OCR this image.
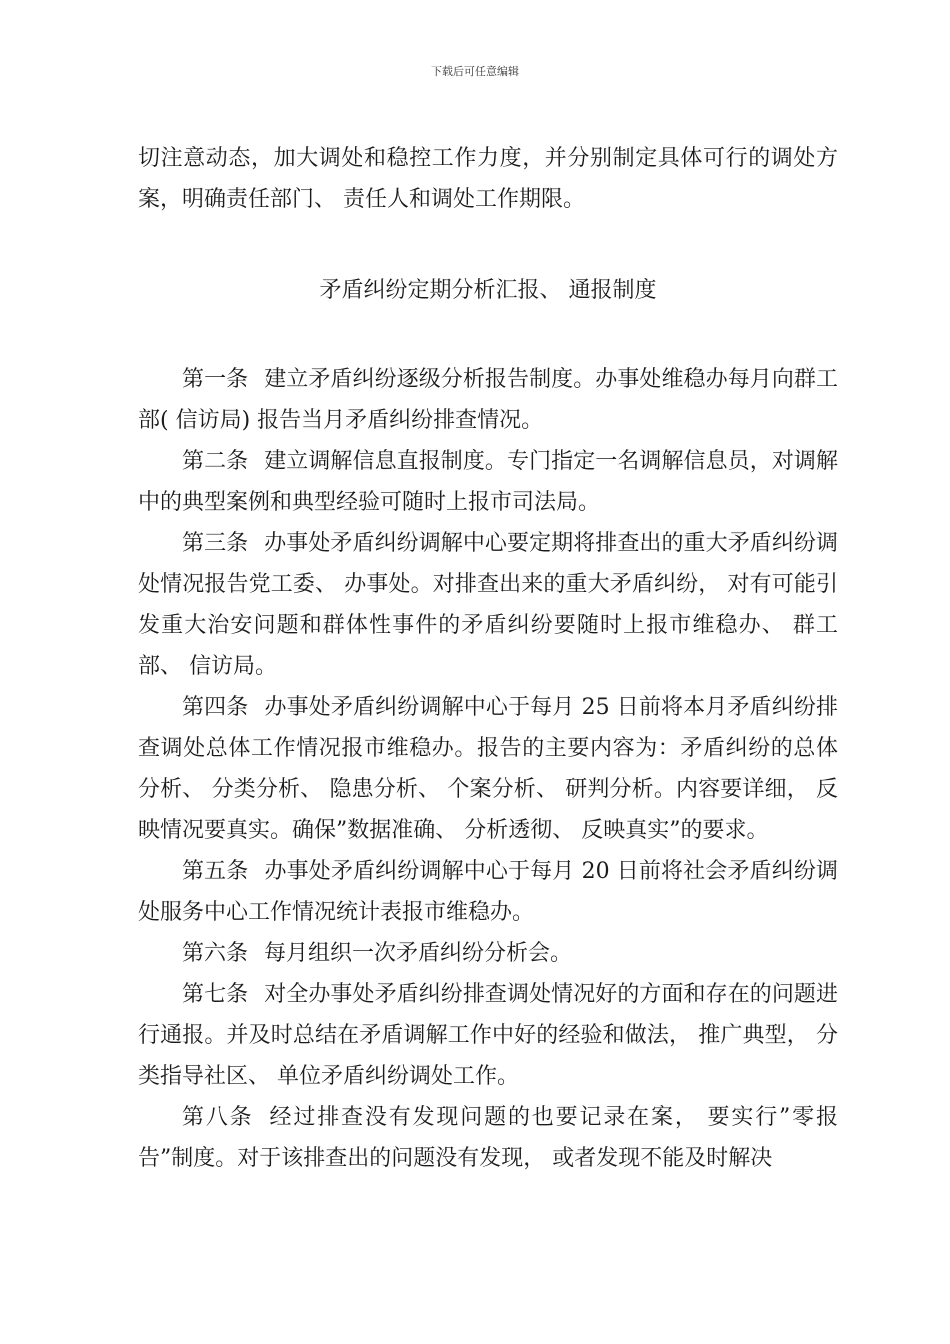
下载后可任意编辑

切注意动态，加大调处和稳控工作力度，并分别制定具体可行的调处方案，明确责任部门、 责任人和调处工作期限。

矛盾纠纷定期分析汇报、 通报制度

第一条 建立矛盾纠纷逐级分析报告制度。办事处维稳办每月向群工部( 信访局) 报告当月矛盾纠纷排查情况。

第二条 建立调解信息直报制度。专门指定一名调解信息员，对调解中的典型案例和典型经验可随时上报市司法局。

第三条 办事处矛盾纠纷调解中心要定期将排查出的重大矛盾纠纷调处情况报告党工委、 办事处。对排查出来的重大矛盾纠纷， 对有可能引发重大治安问题和群体性事件的矛盾纠纷要随时上报市维稳办、 群工部、 信访局。

第四条 办事处矛盾纠纷调解中心于每月 25 日前将本月矛盾纠纷排查调处总体工作情况报市维稳办。报告的主要内容为：矛盾纠纷的总体分析、 分类分析、 隐患分析、 个案分析、 研判分析。内容要详细， 反映情况要真实。确保”数据准确、 分析透彻、 反映真实”的要求。

第五条 办事处矛盾纠纷调解中心于每月 20 日前将社会矛盾纠纷调处服务中心工作情况统计表报市维稳办。

第六条 每月组织一次矛盾纠纷分析会。

第七条 对全办事处矛盾纠纷排查调处情况好的方面和存在的问题进行通报。并及时总结在矛盾调解工作中好的经验和做法， 推广典型， 分类指导社区、 单位矛盾纠纷调处工作。

第八条 经过排查没有发现问题的也要记录在案， 要实行”零报告”制度。对于该排查出的问题没有发现， 或者发现不能及时解决
